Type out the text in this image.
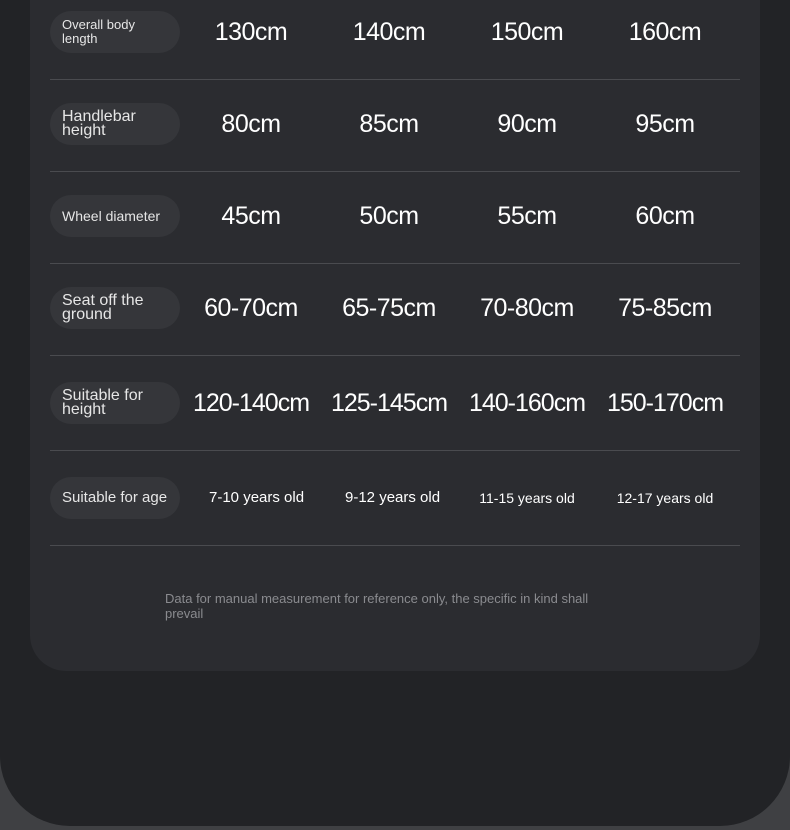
Overall body length	130cm	140cm	150cm	160cm
Handlebar height	80cm	85cm	90cm	95cm
Wheel diameter	45cm	50cm	55cm	60cm
Seat off the ground	60-70cm	65-75cm	70-80cm	75-85cm
Suitable for height	120-140cm 125-145cm 140-160cm 150-170cm
Suitable for age	7-10 years old	9-12 years old	11-15 years old	12-17 years old
Data for manual measurement for reference only, the specific in kind shall prevail
